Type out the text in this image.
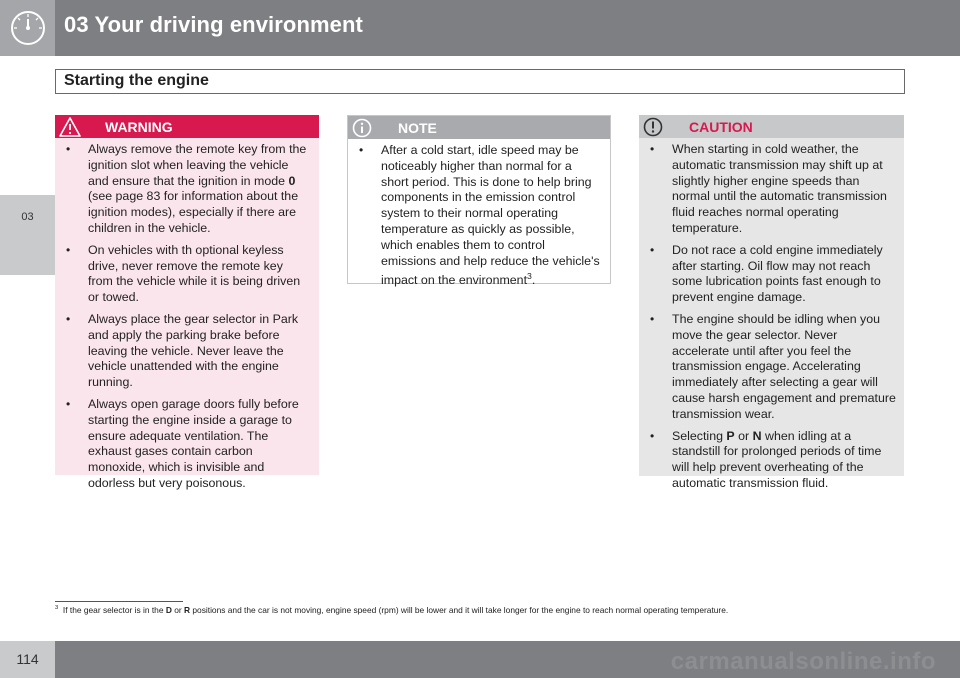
03 Your driving environment
Starting the engine
03
WARNING
• Always remove the remote key from the ignition slot when leaving the vehicle and ensure that the ignition in mode 0 (see page 83 for information about the ignition modes), especially if there are children in the vehicle.
• On vehicles with th optional keyless drive, never remove the remote key from the vehicle while it is being driven or towed.
• Always place the gear selector in Park and apply the parking brake before leaving the vehicle. Never leave the vehicle unattended with the engine running.
• Always open garage doors fully before starting the engine inside a garage to ensure adequate ventilation. The exhaust gases contain carbon monoxide, which is invisible and odorless but very poisonous.
NOTE
• After a cold start, idle speed may be noticeably higher than normal for a short period. This is done to help bring components in the emission control system to their normal operating temperature as quickly as possible, which enables them to control emissions and help reduce the vehicle's impact on the environment$^3$.
CAUTION
• When starting in cold weather, the automatic transmission may shift up at slightly higher engine speeds than normal until the automatic transmission fluid reaches normal operating temperature.
• Do not race a cold engine immediately after starting. Oil flow may not reach some lubrication points fast enough to prevent engine damage.
• The engine should be idling when you move the gear selector. Never accelerate until after you feel the transmission engage. Accelerating immediately after selecting a gear will cause harsh engagement and premature transmission wear.
• Selecting P or N when idling at a standstill for prolonged periods of time will help prevent overheating of the automatic transmission fluid.
$^3$ If the gear selector is in the D or R positions and the car is not moving, engine speed (rpm) will be lower and it will take longer for the engine to reach normal operating temperature.
carmanualsonline.info
114
